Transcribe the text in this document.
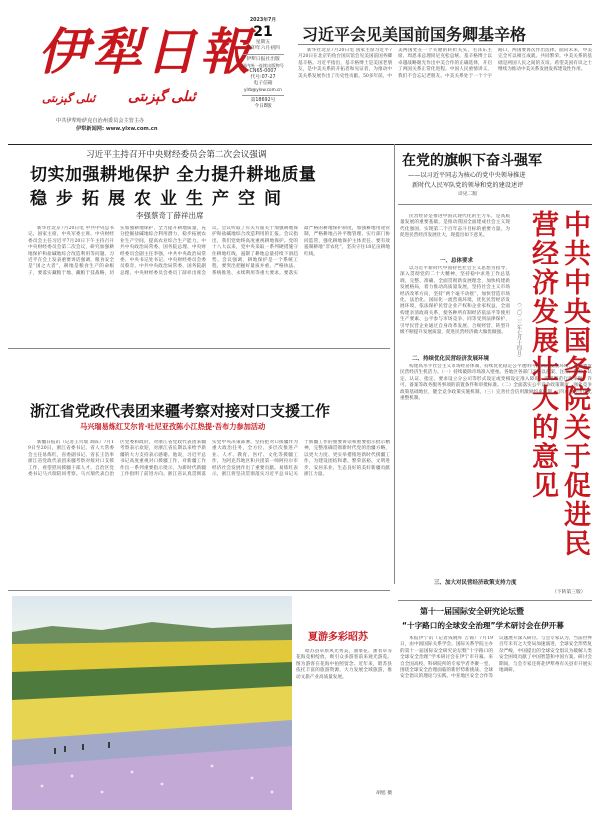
伊犁日報
ئىلى گېزىتى ئىلى گېزىتى
中共伊犁哈萨克自治州委员会主管主办
伊犁新闻网: www.ylxw.com.cn
2023年7月
21
星期五
癸卯年六月初四
伊犁日报社出版
国内统一连续出版物号
CN65-0007
代号:07-27
电子信箱
ylrb@ylxw.com.cn
第18692号
今日8版
习近平会见美国前国务卿基辛格
新华社北京7月20日电 国家主席习近平7月20日在北京钓鱼台国宾馆会见美国前国务卿基辛格。习近平指出，基辛格博士是美国老朋友，是中美关系的开拓者和见证者，为推动中美关系发展作出了历史性贡献。50多年前，中美两国处在一个关键的转折关头，毛泽东主席、周恩来总理同尼克松总统、基辛格博士以卓越战略眼光作出中美合作的正确选择，开启了两国关系正常化进程。中国人民重情讲义，我们不会忘记老朋友。中美关系处于一个十字路口，两国要再次作出选择。面向未来，中美完全可以相互成就、共同繁荣。中美关系的基础是两国人民之间的友谊。希望美国有识之士继续为推动中美关系发展发挥建设性作用。
习近平主持召开中央财经委员会第二次会议强调
切实加强耕地保护 全力提升耕地质量
稳步拓展农业生产空间
李强蔡奇丁薛祥出席
新华社北京7月20日电 中共中央总书记、国家主席、中央军委主席、中央财经委员会主任习近平7月20日下午主持召开中央财经委员会第二次会议，研究加强耕地保护和盐碱地综合改造利用等问题。习近平在会上发表重要讲话强调，粮食安全是“国之大者”，耕地是粮食生产的命根子，要落实藏粮于地、藏粮于技战略，切实加强耕地保护，全力提升耕地质量，充分挖掘盐碱地综合利用潜力，稳步拓展农业生产空间，提高农业综合生产能力。中共中央政治局常委、国务院总理、中央财经委员会副主任李强，中共中央政治局常委、中央书记处书记、中央财经委员会委员蔡奇，中共中央政治局常委、国务院副总理、中央财经委员会委员丁薛祥出席会议。会议听取了有关方面关于加强耕地保护和盐碱地综合改造利用的汇报。会议指出，我们党始终高度重视耕地保护。党的十八大以来，党中央采取一系列硬措施守住耕地红线，遏制了耕地总量持续下滑趋势。会议强调，耕地保护是一个系统工程，要突出把握好量质并重、严格执法、系统推进、永续利用等重大要求。要落实最严格的耕地保护制度，加强耕地用途管制，严格耕地占补平衡管理，实行部门协同监管，强化耕地保护主体责任。要有效遏制耕地“非农化”，坚决守住18亿亩耕地红线。
浙江省党政代表团来疆考察对接对口支援工作
马兴瑞易炼红艾尔肯·吐尼亚孜陈小江热提·吾布力参加活动
新疆日报讯（记者王兴瑞 刘陈）7月19日至20日，浙江省委书记、省人大常委会主任易炼红，省委副书记、省长王浩率浙江省党政代表团来疆考察对接对口支援工作，看望慰问援疆干部人才。自治区党委书记马兴瑞陪同考察。马兴瑞代表自治区党委和政府，对浙江省党政代表团来疆考察表示欢迎，对浙江省长期以来给予新疆的大力支持表示感谢。他说，习近平总书记高度重视对口援疆工作，对新疆工作作出一系列重要指示批示，为新时代新疆工作指明了前进方向。浙江省认真贯彻落实党中央决策部署，坚持把对口援疆作为重大政治任务，全方位、多层次推进产业、人才、教育、医疗、文化等援疆工作，为阿克苏地区和兵团第一师阿拉尔市经济社会发展作出了重要贡献。易炼红表示，浙江将坚决贯彻落实习近平总书记关于新疆工作的重要讲话和重要指示批示精神，完整准确贯彻新时代党的治疆方略，以更大力度、更实举措推进新时代援疆工作，为建设团结和谐、繁荣富裕、文明进步、安居乐业、生态良好的美好新疆贡献浙江力量。
夏游多彩昭苏
昭苏县草原风光秀美，油菜花、薰衣草等花海竞相绽放，吸引众多游客前来观光游览。图为游客在花海中拍照留念。近年来，昭苏县依托丰富的旅游资源，大力发展全域旅游，推动文旅产业高质量发展。
胡旭 摄
在党的旗帜下奋斗强军
——以习近平同志为核心的党中央领导推进
新时代人民军队党的领导和党的建设述评
详见二版
中共中央国务院关于促进民营经济发展壮大的意见
（二〇二三年七月十四日）
民营经济是推进中国式现代化的生力军，是高质量发展的重要基础，是推动我国全面建成社会主义现代化强国、实现第二个百年奋斗目标的重要力量。为促进民营经济发展壮大，现提出如下意见。
一、总体要求
以习近平新时代中国特色社会主义思想为指导，深入贯彻党的二十大精神，坚持稳中求进工作总基调，完整、准确、全面贯彻新发展理念，加快构建新发展格局，着力推动高质量发展，坚持社会主义市场经济改革方向，坚持“两个毫不动摇”，加快营造市场化、法治化、国际化一流营商环境，优化民营经济发展环境，依法保护民营企业产权和企业家权益，全面构建亲清政商关系，使各种所有制经济依法平等使用生产要素、公平参与市场竞争、同等受到法律保护，引导民营企业通过自身改革发展、合规经营、转型升级不断提升发展质量，促进民营经济做大做优做强。
二、持续优化民营经济发展环境
构建高水平社会主义市场经济体制，持续优化稳定公平透明可预期的发展环境，充分激发民营经济生机活力。（一）持续破除市场准入壁垒。各地区各部门不得以备案、注册、年检、认定、认证、指定、要求设立分公司等形式设定或变相设定准入障碍。清理规范行政审批、许可、备案等政务服务事项的前置条件和审批标准。（二）全面落实公平竞争政策制度。强化竞争政策基础地位，健全竞争政策实施机制。（三）完善社会信用激励约束机制。（四）完善市场化重整机制。
三、加大对民营经济政策支持力度
（下转第三版）
第十一届国际安全研究论坛暨
“十字路口的全球安全治理”学术研讨会在伊开幕
本报伊宁讯（记者钱晓库 吉锦）7月19日，由中国国际关系学会、国际关系学院主办的第十一届国际安全研究论坛暨“十字路口的全球安全治理”学术研讨会在伊宁市开幕。来自全国高校、科研院所的专家学者齐聚一堂，围绕全球安全治理面临的新形势新挑战、全球安全倡议的理论与实践、中亚地区安全合作等议题展开深入研讨。与会专家认为，当前世界百年未有之大变局加速演进，全球安全形势复杂严峻，中国提出的全球安全倡议为破解人类安全困境贡献了中国智慧和中国方案。研讨会期间，与会专家还将赴伊犁州有关县市开展实地调研。
